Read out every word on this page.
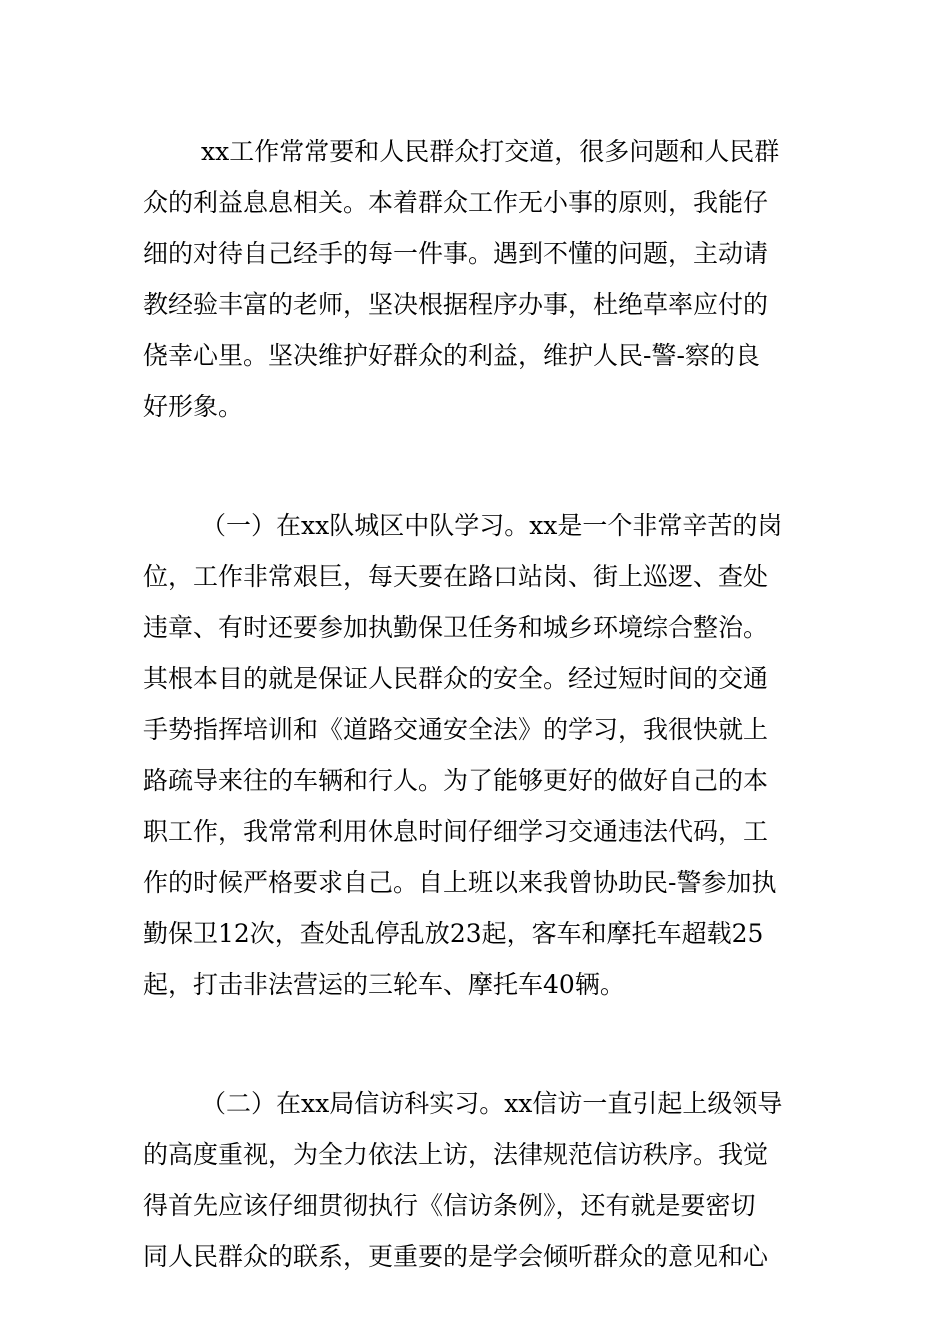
xx工作常常要和人民群众打交道，很多问题和人民群
众的利益息息相关。本着群众工作无小事的原则，我能仔
细的对待自己经手的每一件事。遇到不懂的问题，主动请
教经验丰富的老师，坚决根据程序办事，杜绝草率应付的
侥幸心里。坚决维护好群众的利益，维护人民-警-察的良
好形象。
（一）在xx队城区中队学习。xx是一个非常辛苦的岗
位，工作非常艰巨，每天要在路口站岗、街上巡逻、查处
违章、有时还要参加执勤保卫任务和城乡环境综合整治。
其根本目的就是保证人民群众的安全。经过短时间的交通
手势指挥培训和《道路交通安全法》的学习，我很快就上
路疏导来往的车辆和行人。为了能够更好的做好自己的本
职工作，我常常利用休息时间仔细学习交通违法代码，工
作的时候严格要求自己。自上班以来我曾协助民-警参加执
勤保卫12次，查处乱停乱放23起，客车和摩托车超载25
起，打击非法营运的三轮车、摩托车40辆。
（二）在xx局信访科实习。xx信访一直引起上级领导
的高度重视，为全力依法上访，法律规范信访秩序。我觉
得首先应该仔细贯彻执行《信访条例》，还有就是要密切
同人民群众的联系，更重要的是学会倾听群众的意见和心
